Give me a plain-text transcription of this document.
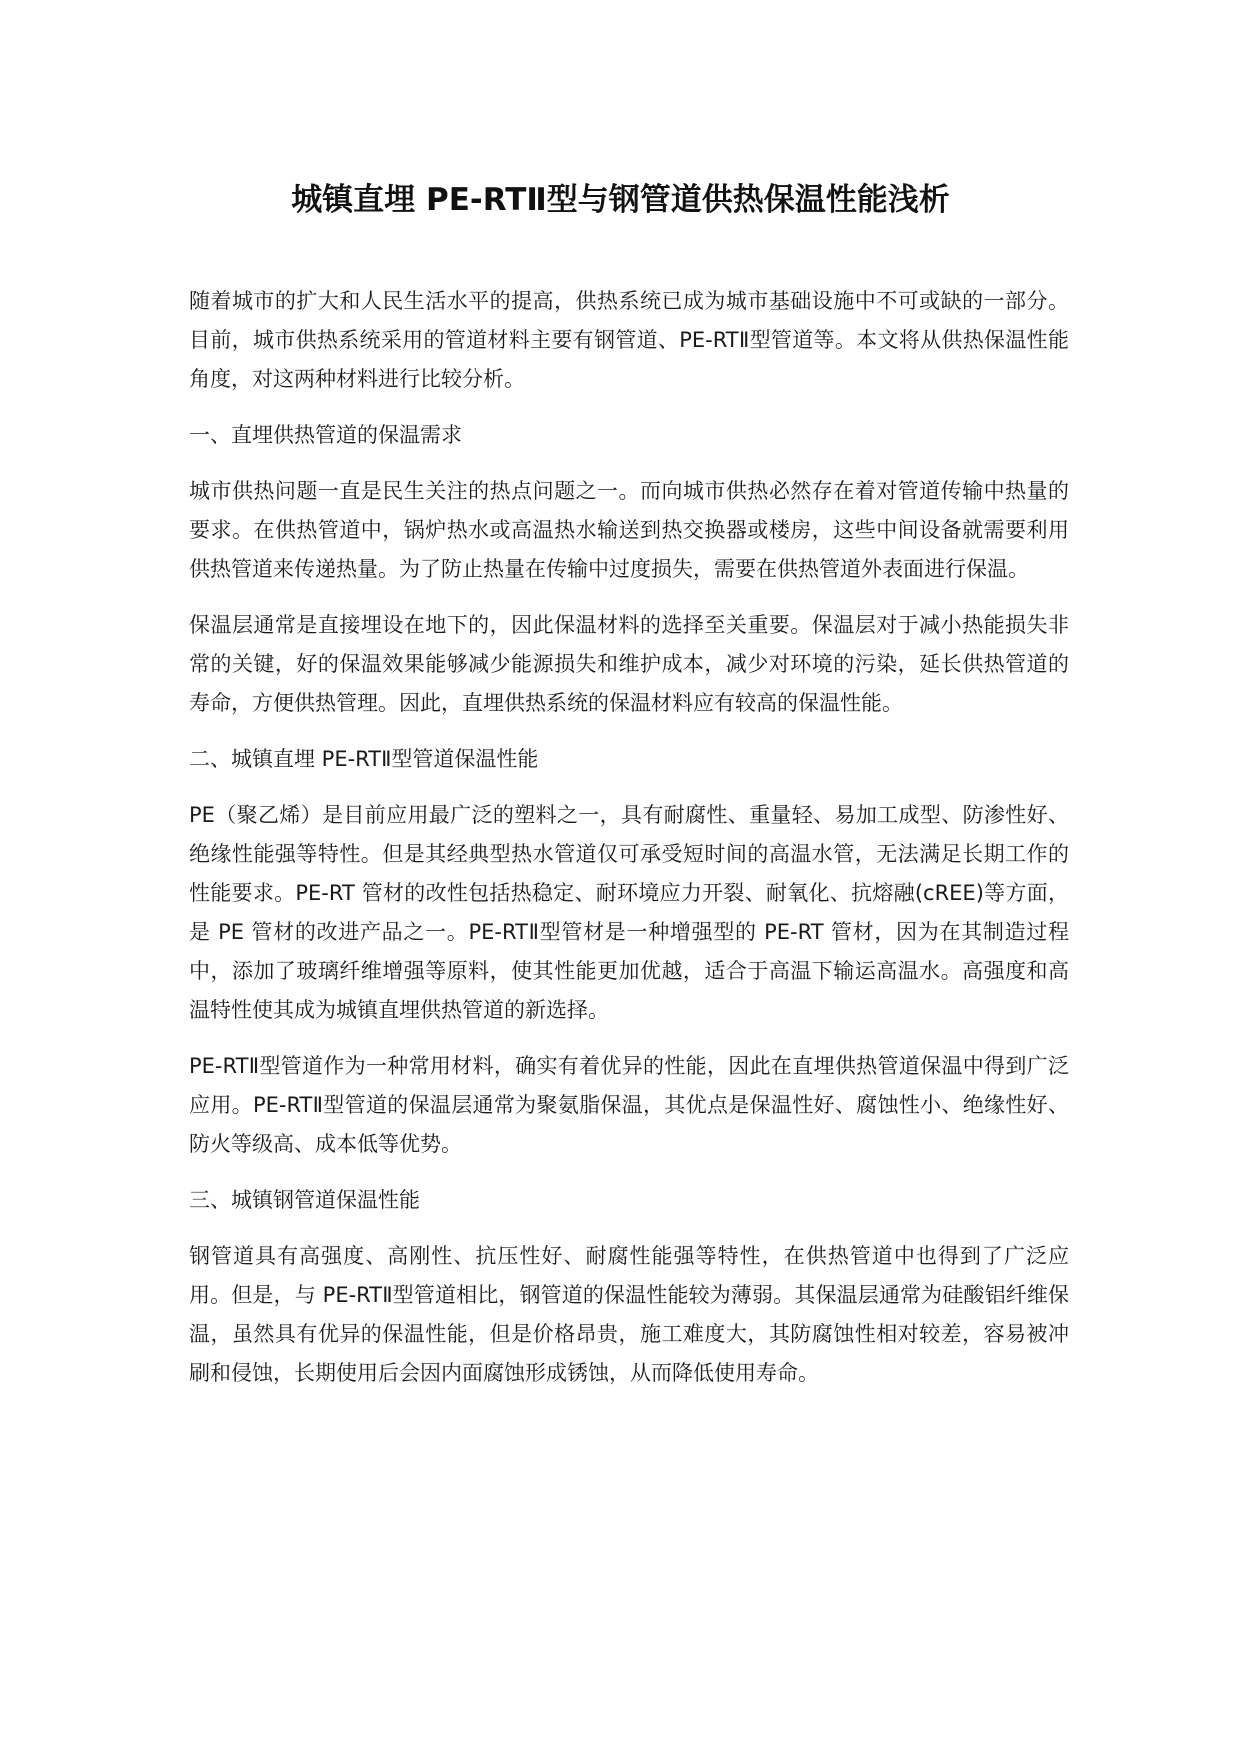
城镇直埋 PE-RTⅡ型与钢管道供热保温性能浅析

随着城市的扩大和人民生活水平的提高，供热系统已成为城市基础设施中不可或缺的一部分。目前，城市供热系统采用的管道材料主要有钢管道、PE-RTⅡ型管道等。本文将从供热保温性能角度，对这两种材料进行比较分析。

一、直埋供热管道的保温需求

城市供热问题一直是民生关注的热点问题之一。而向城市供热必然存在着对管道传输中热量的要求。在供热管道中，锅炉热水或高温热水输送到热交换器或楼房，这些中间设备就需要利用供热管道来传递热量。为了防止热量在传输中过度损失，需要在供热管道外表面进行保温。

保温层通常是直接埋设在地下的，因此保温材料的选择至关重要。保温层对于减小热能损失非常的关键，好的保温效果能够减少能源损失和维护成本，减少对环境的污染，延长供热管道的寿命，方便供热管理。因此，直埋供热系统的保温材料应有较高的保温性能。

二、城镇直埋 PE-RTⅡ型管道保温性能

PE（聚乙烯）是目前应用最广泛的塑料之一，具有耐腐性、重量轻、易加工成型、防渗性好、绝缘性能强等特性。但是其经典型热水管道仅可承受短时间的高温水管，无法满足长期工作的性能要求。PE-RT 管材的改性包括热稳定、耐环境应力开裂、耐氧化、抗熔融(cREE)等方面，是 PE 管材的改进产品之一。PE-RTⅡ型管材是一种增强型的 PE-RT 管材，因为在其制造过程中，添加了玻璃纤维增强等原料，使其性能更加优越，适合于高温下输运高温水。高强度和高温特性使其成为城镇直埋供热管道的新选择。

PE-RTⅡ型管道作为一种常用材料，确实有着优异的性能，因此在直埋供热管道保温中得到广泛应用。PE-RTⅡ型管道的保温层通常为聚氨脂保温，其优点是保温性好、腐蚀性小、绝缘性好、防火等级高、成本低等优势。

三、城镇钢管道保温性能

钢管道具有高强度、高刚性、抗压性好、耐腐性能强等特性，在供热管道中也得到了广泛应用。但是，与 PE-RTⅡ型管道相比，钢管道的保温性能较为薄弱。其保温层通常为硅酸铝纤维保温，虽然具有优异的保温性能，但是价格昂贵，施工难度大，其防腐蚀性相对较差，容易被冲刷和侵蚀，长期使用后会因内面腐蚀形成锈蚀，从而降低使用寿命。
